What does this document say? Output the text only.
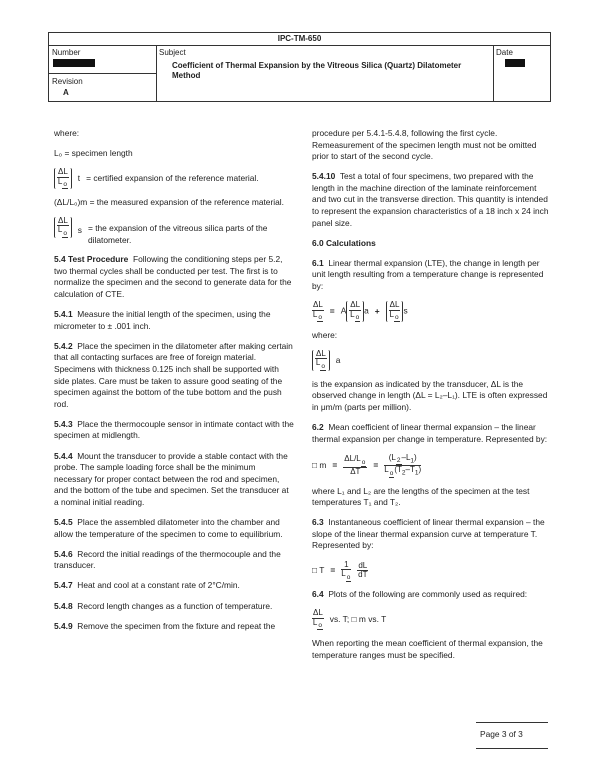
IPC-TM-650
Number
Revision
A
Subject
Coefficient of Thermal Expansion by the Vitreous Silica (Quartz) Dilatometer Method
Date

where:

L₀ = specimen length

$\frac{\Delta L}{L_o}$ t = certified expansion of the reference material.

(ΔL/L₀)m = the measured expansion of the reference material.

$\frac{\Delta L}{L_o}$ s = the expansion of the vitreous silica parts of the dilatometer.

5.4 Test Procedure Following the conditioning steps per 5.2, two thermal cycles shall be conducted per test. The first is to normalize the specimen and the second to generate data for the calculation of CTE.

5.4.1 Measure the initial length of the specimen, using the micrometer to ± .001 inch.

5.4.2 Place the specimen in the dilatometer after making certain that all contacting surfaces are free of foreign material. Specimens with thickness 0.125 inch shall be supported with side plates. Care must be taken to assure good seating of the specimen against the bottom of the tube bottom and the push rod.

5.4.3 Place the thermocouple sensor in intimate contact with the specimen at midlength.

5.4.4 Mount the transducer to provide a stable contact with the probe. The sample loading force shall be the minimum necessary for proper contact between the rod and specimen, and the bottom of the tube and specimen. Set the transducer at a nominal initial reading.

5.4.5 Place the assembled dilatometer into the chamber and allow the temperature of the specimen to come to equilibrium.

5.4.6 Record the initial readings of the thermocouple and the transducer.

5.4.7 Heat and cool at a constant rate of 2°C/min.

5.4.8 Record length changes as a function of temperature.

5.4.9 Remove the specimen from the fixture and repeat the

procedure per 5.4.1-5.4.8, following the first cycle. Remeasurement of the specimen length must not be omitted prior to start of the second cycle.

5.4.10 Test a total of four specimens, two prepared with the length in the machine direction of the laminate reinforcement and two cut in the transverse direction. This quantity is intended to represent the expansion characteristics of a 18 inch x 24 inch panel size.

6.0 Calculations

6.1 Linear thermal expansion (LTE), the change in length per unit length resulting from a temperature change is represented by:

$\frac{\Delta L}{L_o} = A \frac{\Delta L}{L_o}$ $a + \frac{\Delta L}{L_o}$ s

where:

$\frac{\Delta L}{L_o}$ a

is the expansion as indicated by the transducer, ΔL is the observed change in length (ΔL = L₂–L₁). LTE is often expressed in μm/m (parts per million).

6.2 Mean coefficient of linear thermal expansion – the linear thermal expansion per change in temperature. Represented by:

□ $m = \frac{\Delta L/L_o}{\Delta T} = \frac{(L_2-L_1)}{L_o(T_2-T_1)}$

where L₁ and L₂ are the lengths of the specimen at the test temperatures T₁ and T₂.

6.3 Instantaneous coefficient of linear thermal expansion – the slope of the linear thermal expansion curve at temperature T. Represented by:

□ $T = \frac{1}{L_o} \frac{dL}{dT}$

6.4 Plots of the following are commonly used as required:

$\frac{\Delta L}{L_o}$ vs. T; □ m vs. T

When reporting the mean coefficient of thermal expansion, the temperature ranges must be specified.

Page 3 of 3
